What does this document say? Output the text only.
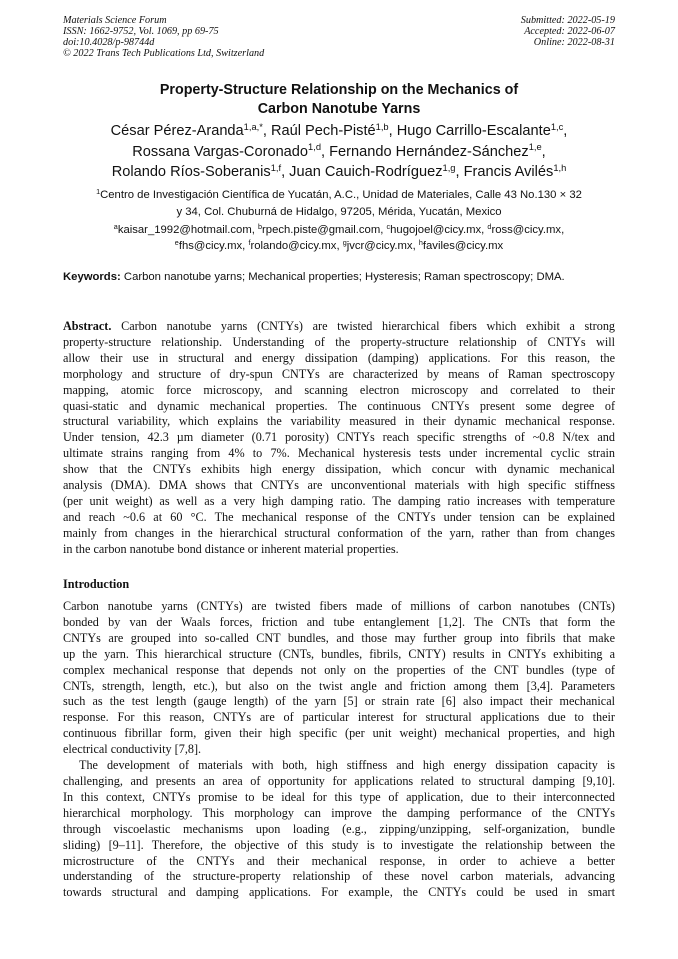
Materials Science Forum
ISSN: 1662-9752, Vol. 1069, pp 69-75
doi:10.4028/p-98744d
© 2022 Trans Tech Publications Ltd, Switzerland
Submitted: 2022-05-19
Accepted: 2022-06-07
Online: 2022-08-31
Property-Structure Relationship on the Mechanics of
Carbon Nanotube Yarns
César Pérez-Aranda$^{1,a,*}$, Raúl Pech-Pisté$^{1,b}$, Hugo Carrillo-Escalante$^{1,c}$,
Rossana Vargas-Coronado$^{1,d}$, Fernando Hernández-Sánchez$^{1,e}$,
Rolando Ríos-Soberanis$^{1,f}$, Juan Cauich-Rodríguez$^{1,g}$, Francis Avilés$^{1,h}$
$^1$Centro de Investigación Científica de Yucatán, A.C., Unidad de Materiales, Calle 43 No.130 × 32
y 34, Col. Chuburná de Hidalgo, 97205, Mérida, Yucatán, Mexico
$^a$kaisar_1992@hotmail.com, $^b$rpech.piste@gmail.com, $^c$hugojoel@cicy.mx, $^d$ross@cicy.mx,
$^e$fhs@cicy.mx, $^f$rolando@cicy.mx, $^g$jvcr@cicy.mx, $^h$faviles@cicy.mx
Keywords: Carbon nanotube yarns; Mechanical properties; Hysteresis; Raman spectroscopy; DMA.
Abstract. Carbon nanotube yarns (CNTYs) are twisted hierarchical fibers which exhibit a strong
property-structure relationship. Understanding of the property-structure relationship of CNTYs will
allow their use in structural and energy dissipation (damping) applications. For this reason, the
morphology and structure of dry-spun CNTYs are characterized by means of Raman spectroscopy
mapping, atomic force microscopy, and scanning electron microscopy and correlated to their
quasi-static and dynamic mechanical properties. The continuous CNTYs present some degree of
structural variability, which explains the variability measured in their dynamic mechanical response.
Under tension, 42.3 µm diameter (0.71 porosity) CNTYs reach specific strengths of ~0.8 N/tex and
ultimate strains ranging from 4% to 7%. Mechanical hysteresis tests under incremental cyclic strain
show that the CNTYs exhibits high energy dissipation, which concur with dynamic mechanical
analysis (DMA). DMA shows that CNTYs are unconventional materials with high specific stiffness
(per unit weight) as well as a very high damping ratio. The damping ratio increases with temperature
and reach ~0.6 at 60 °C. The mechanical response of the CNTYs under tension can be explained
mainly from changes in the hierarchical structural conformation of the yarn, rather than from changes
in the carbon nanotube bond distance or inherent material properties.
Introduction
Carbon nanotube yarns (CNTYs) are twisted fibers made of millions of carbon nanotubes (CNTs)
bonded by van der Waals forces, friction and tube entanglement [1,2]. The CNTs that form the
CNTYs are grouped into so-called CNT bundles, and those may further group into fibrils that make
up the yarn. This hierarchical structure (CNTs, bundles, fibrils, CNTY) results in CNTYs exhibiting a
complex mechanical response that depends not only on the properties of the CNT bundles (type of
CNTs, strength, length, etc.), but also on the twist angle and friction among them [3,4]. Parameters
such as the test length (gauge length) of the yarn [5] or strain rate [6] also impact their mechanical
response. For this reason, CNTYs are of particular interest for structural applications due to their
continuous fibrillar form, given their high specific (per unit weight) mechanical properties, and high
electrical conductivity [7,8].
The development of materials with both, high stiffness and high energy dissipation capacity is
challenging, and presents an area of opportunity for applications related to structural damping [9,10].
In this context, CNTYs promise to be ideal for this type of application, due to their interconnected
hierarchical morphology. This morphology can improve the damping performance of the CNTYs
through viscoelastic mechanisms upon loading (e.g., zipping/unzipping, self-organization, bundle
sliding) [9–11]. Therefore, the objective of this study is to investigate the relationship between the
microstructure of the CNTYs and their mechanical response, in order to achieve a better
understanding of the structure-property relationship of these novel carbon materials, advancing
towards structural and damping applications. For example, the CNTYs could be used in smart
